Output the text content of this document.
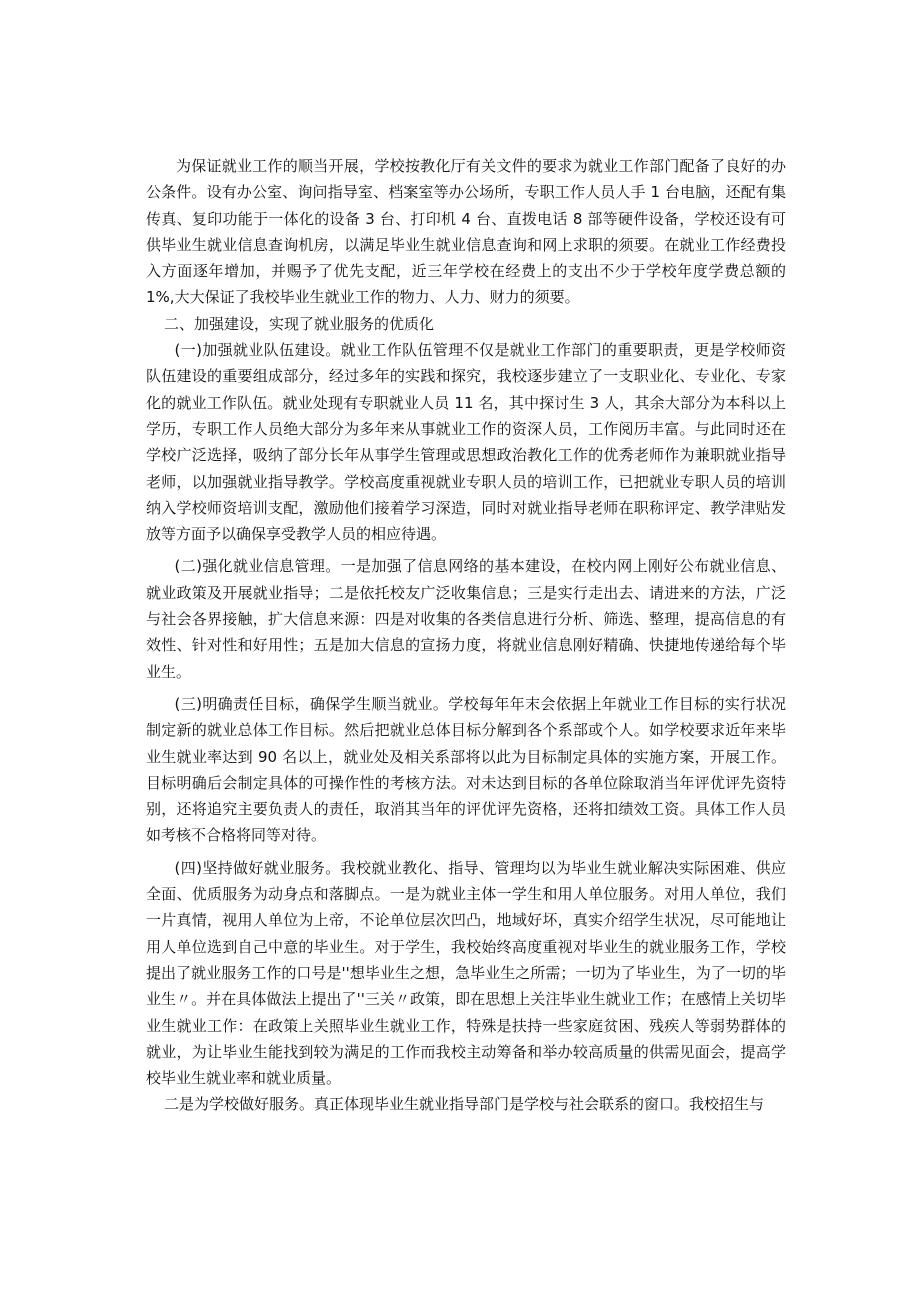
为保证就业工作的顺当开展，学校按教化厅有关文件的要求为就业工作部门配备了良好的办公条件。设有办公室、询问指导室、档案室等办公场所，专职工作人员人手 1 台电脑，还配有集传真、复印功能于一体化的设备 3 台、打印机 4 台、直拨电话 8 部等硬件设备，学校还设有可供毕业生就业信息查询机房，以满足毕业生就业信息查询和网上求职的须要。在就业工作经费投入方面逐年增加，并赐予了优先支配，近三年学校在经费上的支出不少于学校年度学费总额的 1%,大大保证了我校毕业生就业工作的物力、人力、财力的须要。

二、加强建设，实现了就业服务的优质化

(一)加强就业队伍建设。就业工作队伍管理不仅是就业工作部门的重要职责，更是学校师资队伍建设的重要组成部分，经过多年的实践和探究，我校逐步建立了一支职业化、专业化、专家化的就业工作队伍。就业处现有专职就业人员 11 名，其中探讨生 3 人，其余大部分为本科以上学历，专职工作人员绝大部分为多年来从事就业工作的资深人员，工作阅历丰富。与此同时还在学校广泛选择，吸纳了部分长年从事学生管理或思想政治教化工作的优秀老师作为兼职就业指导老师，以加强就业指导教学。学校高度重视就业专职人员的培训工作，已把就业专职人员的培训纳入学校师资培训支配，激励他们接着学习深造，同时对就业指导老师在职称评定、教学津贴发放等方面予以确保享受教学人员的相应待遇。

(二)强化就业信息管理。一是加强了信息网络的基本建设，在校内网上刚好公布就业信息、就业政策及开展就业指导；二是依托校友广泛收集信息；三是实行走出去、请进来的方法，广泛与社会各界接触，扩大信息来源：四是对收集的各类信息进行分析、筛选、整理，提高信息的有效性、针对性和好用性；五是加大信息的宣扬力度，将就业信息刚好精确、快捷地传递给每个毕业生。

(三)明确责任目标，确保学生顺当就业。学校每年年末会依据上年就业工作目标的实行状况制定新的就业总体工作目标。然后把就业总体目标分解到各个系部或个人。如学校要求近年来毕业生就业率达到 90 名以上，就业处及相关系部将以此为目标制定具体的实施方案，开展工作。目标明确后会制定具体的可操作性的考核方法。对未达到目标的各单位除取消当年评优评先资特别，还将追究主要负责人的责任，取消其当年的评优评先资格，还将扣绩效工资。具体工作人员如考核不合格将同等对待。

(四)坚持做好就业服务。我校就业教化、指导、管理均以为毕业生就业解决实际困难、供应全面、优质服务为动身点和落脚点。一是为就业主体一学生和用人单位服务。对用人单位，我们一片真情，视用人单位为上帝，不论单位层次凹凸，地域好坏，真实介绍学生状况，尽可能地让用人单位选到自己中意的毕业生。对于学生，我校始终高度重视对毕业生的就业服务工作，学校提出了就业服务工作的口号是''想毕业生之想，急毕业生之所需；一切为了毕业生，为了一切的毕业生〃。并在具体做法上提出了''三关〃政策，即在思想上关注毕业生就业工作；在感情上关切毕业生就业工作：在政策上关照毕业生就业工作，特殊是扶持一些家庭贫困、残疾人等弱势群体的就业，为让毕业生能找到较为满足的工作而我校主动筹备和举办较高质量的供需见面会，提高学校毕业生就业率和就业质量。

二是为学校做好服务。真正体现毕业生就业指导部门是学校与社会联系的窗口。我校招生与
